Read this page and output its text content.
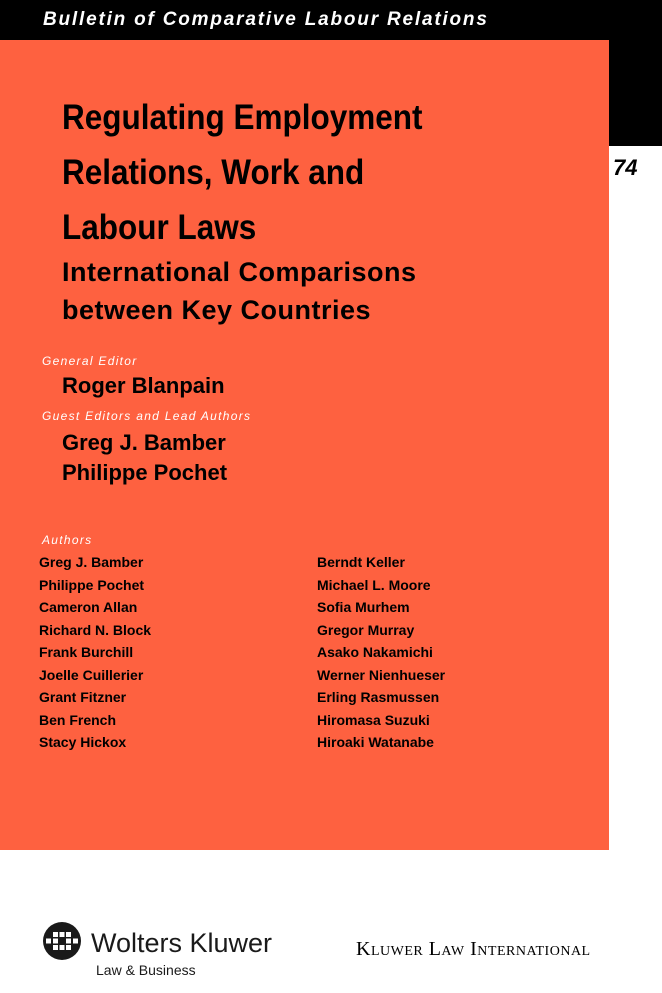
Bulletin of Comparative Labour Relations
74
Regulating Employment
Relations, Work and
Labour Laws
International Comparisons
between Key Countries
General Editor
Roger Blanpain
Guest Editors and Lead Authors
Greg J. Bamber
Philippe Pochet
Authors
Greg J. Bamber
Philippe Pochet
Cameron Allan
Richard N. Block
Frank Burchill
Joelle Cuillerier
Grant Fitzner
Ben French
Stacy Hickox
Berndt Keller
Michael L. Moore
Sofia Murhem
Gregor Murray
Asako Nakamichi
Werner Nienhueser
Erling Rasmussen
Hiromasa Suzuki
Hiroaki Watanabe
Wolters Kluwer
Law & Business
Kluwer Law International
